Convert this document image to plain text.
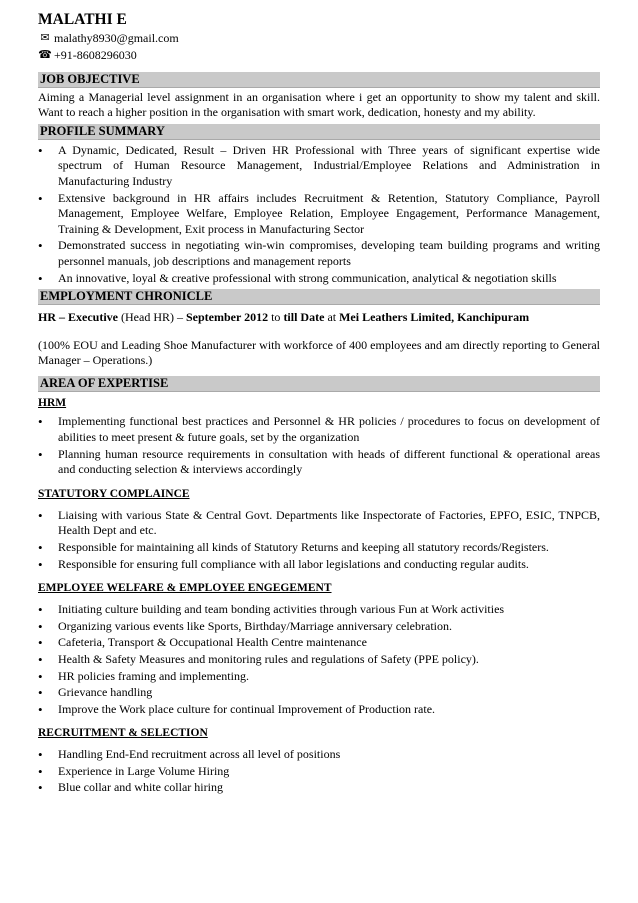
MALATHI E
✉ malathy8930@gmail.com
☎ +91-8608296030
JOB OBJECTIVE

Aiming a Managerial level assignment in an organisation where i get an opportunity to show my talent and skill. Want to reach a higher position in the organisation with smart work, dedication, honesty and my ability.

PROFILE SUMMARY
• A Dynamic, Dedicated, Result – Driven HR Professional with Three years of significant expertise wide spectrum of Human Resource Management, Industrial/Employee Relations and Administration in Manufacturing Industry
• Extensive background in HR affairs includes Recruitment & Retention, Statutory Compliance, Payroll Management, Employee Welfare, Employee Relation, Employee Engagement, Performance Management, Training & Development, Exit process in Manufacturing Sector
• Demonstrated success in negotiating win-win compromises, developing team building programs and writing personnel manuals, job descriptions and management reports
• An innovative, loyal & creative professional with strong communication, analytical & negotiation skills
EMPLOYMENT CHRONICLE

HR – Executive (Head HR) – September 2012 to till Date at Mei Leathers Limited, Kanchipuram

(100% EOU and Leading Shoe Manufacturer with workforce of 400 employees and am directly reporting to General Manager – Operations.)

AREA OF EXPERTISE
HRM
• Implementing functional best practices and Personnel & HR policies / procedures to focus on development of abilities to meet present & future goals, set by the organization
• Planning human resource requirements in consultation with heads of different functional & operational areas and conducting selection & interviews accordingly
STATUTORY COMPLAINCE
• Liaising with various State & Central Govt. Departments like Inspectorate of Factories, EPFO, ESIC, TNPCB, Health Dept and etc.
• Responsible for maintaining all kinds of Statutory Returns and keeping all statutory records/Registers.
• Responsible for ensuring full compliance with all labor legislations and conducting regular audits.
EMPLOYEE WELFARE & EMPLOYEE ENGEGEMENT
• Initiating culture building and team bonding activities through various Fun at Work activities
• Organizing various events like Sports, Birthday/Marriage anniversary celebration.
• Cafeteria, Transport & Occupational Health Centre maintenance
• Health & Safety Measures and monitoring rules and regulations of Safety (PPE policy).
• HR policies framing and implementing.
• Grievance handling
• Improve the Work place culture for continual Improvement of Production rate.
RECRUITMENT & SELECTION
• Handling End-End recruitment across all level of positions
• Experience in Large Volume Hiring
• Blue collar and white collar hiring
